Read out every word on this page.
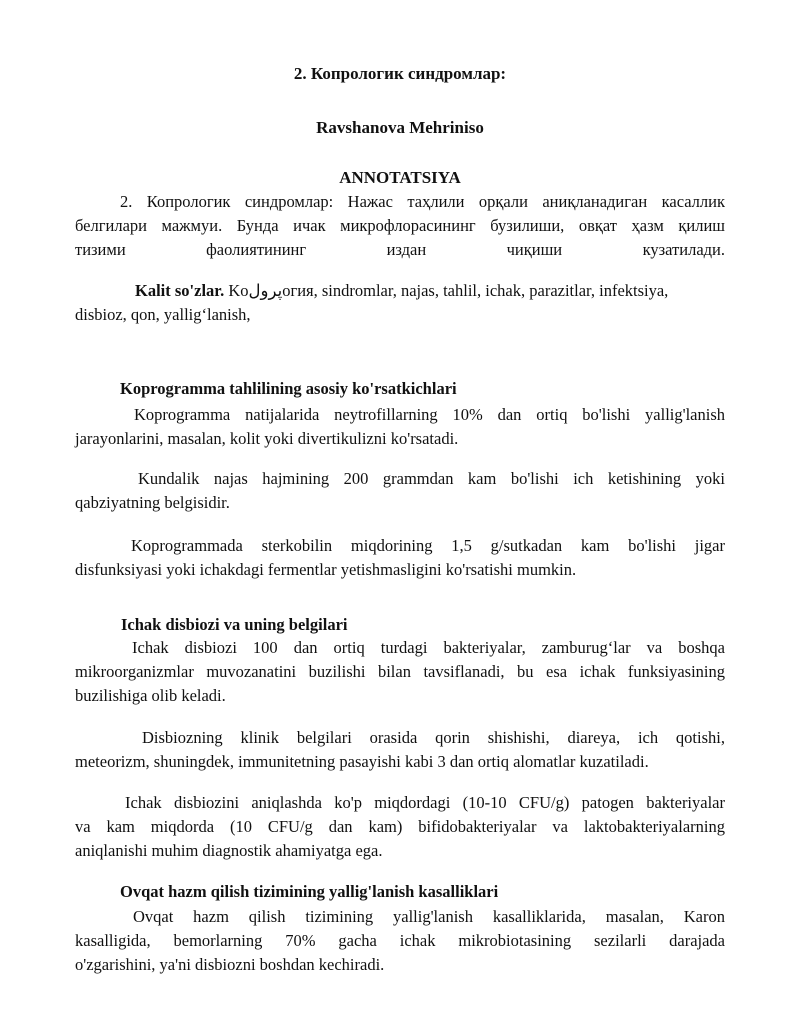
2. Копрологик синдромлар:
Ravshanova Mehriniso
ANNOTATSIYA
2. Копрологик синдромлар: Нажас таҳлили орқали аниқланадиган касаллик
белгилари мажмуи. Бунда ичак микрофлорасининг бузилиши, овқат ҳазм қилиш
тизими фаолиятининг издан чиқиши кузатилади.
Kalit so'zlar. Koپرولогия, sindromlar, najas, tahlil, ichak, parazitlar, infektsiya,
disbioz, qon, yallig‘lanish,
Koprogramma tahlilining asosiy ko'rsatkichlari
Koprogramma natijalarida neytrofillarning 10% dan ortiq bo'lishi yallig'lanish
jarayonlarini, masalan, kolit yoki divertikulizni ko'rsatadi.
Kundalik najas hajmining 200 grammdan kam bo'lishi ich ketishining yoki
qabziyatning belgisidir.
Koprogrammada sterkobilin miqdorining 1,5 g/sutkadan kam bo'lishi jigar
disfunksiyasi yoki ichakdagi fermentlar yetishmasligini ko'rsatishi mumkin.
Ichak disbiozi va uning belgilari
Ichak disbiozi 100 dan ortiq turdagi bakteriyalar, zamburug‘lar va boshqa
mikroorganizmlar muvozanatini buzilishi bilan tavsiflanadi, bu esa ichak funksiyasining
buzilishiga olib keladi.
Disbiozning klinik belgilari orasida qorin shishishi, diareya, ich qotishi,
meteorizm, shuningdek, immunitetning pasayishi kabi 3 dan ortiq alomatlar kuzatiladi.
Ichak disbiozini aniqlashda ko'p miqdordagi (10-10 CFU/g) patogen bakteriyalar
va kam miqdorda (10 CFU/g dan kam) bifidobakteriyalar va laktobakteriyalarning
aniqlanishi muhim diagnostik ahamiyatga ega.
Ovqat hazm qilish tizimining yallig'lanish kasalliklari
Ovqat hazm qilish tizimining yallig'lanish kasalliklarida, masalan, Karon
kasalligida, bemorlarning 70% gacha ichak mikrobiotasining sezilarli darajada
o'zgarishini, ya'ni disbiozni boshdan kechiradi.
